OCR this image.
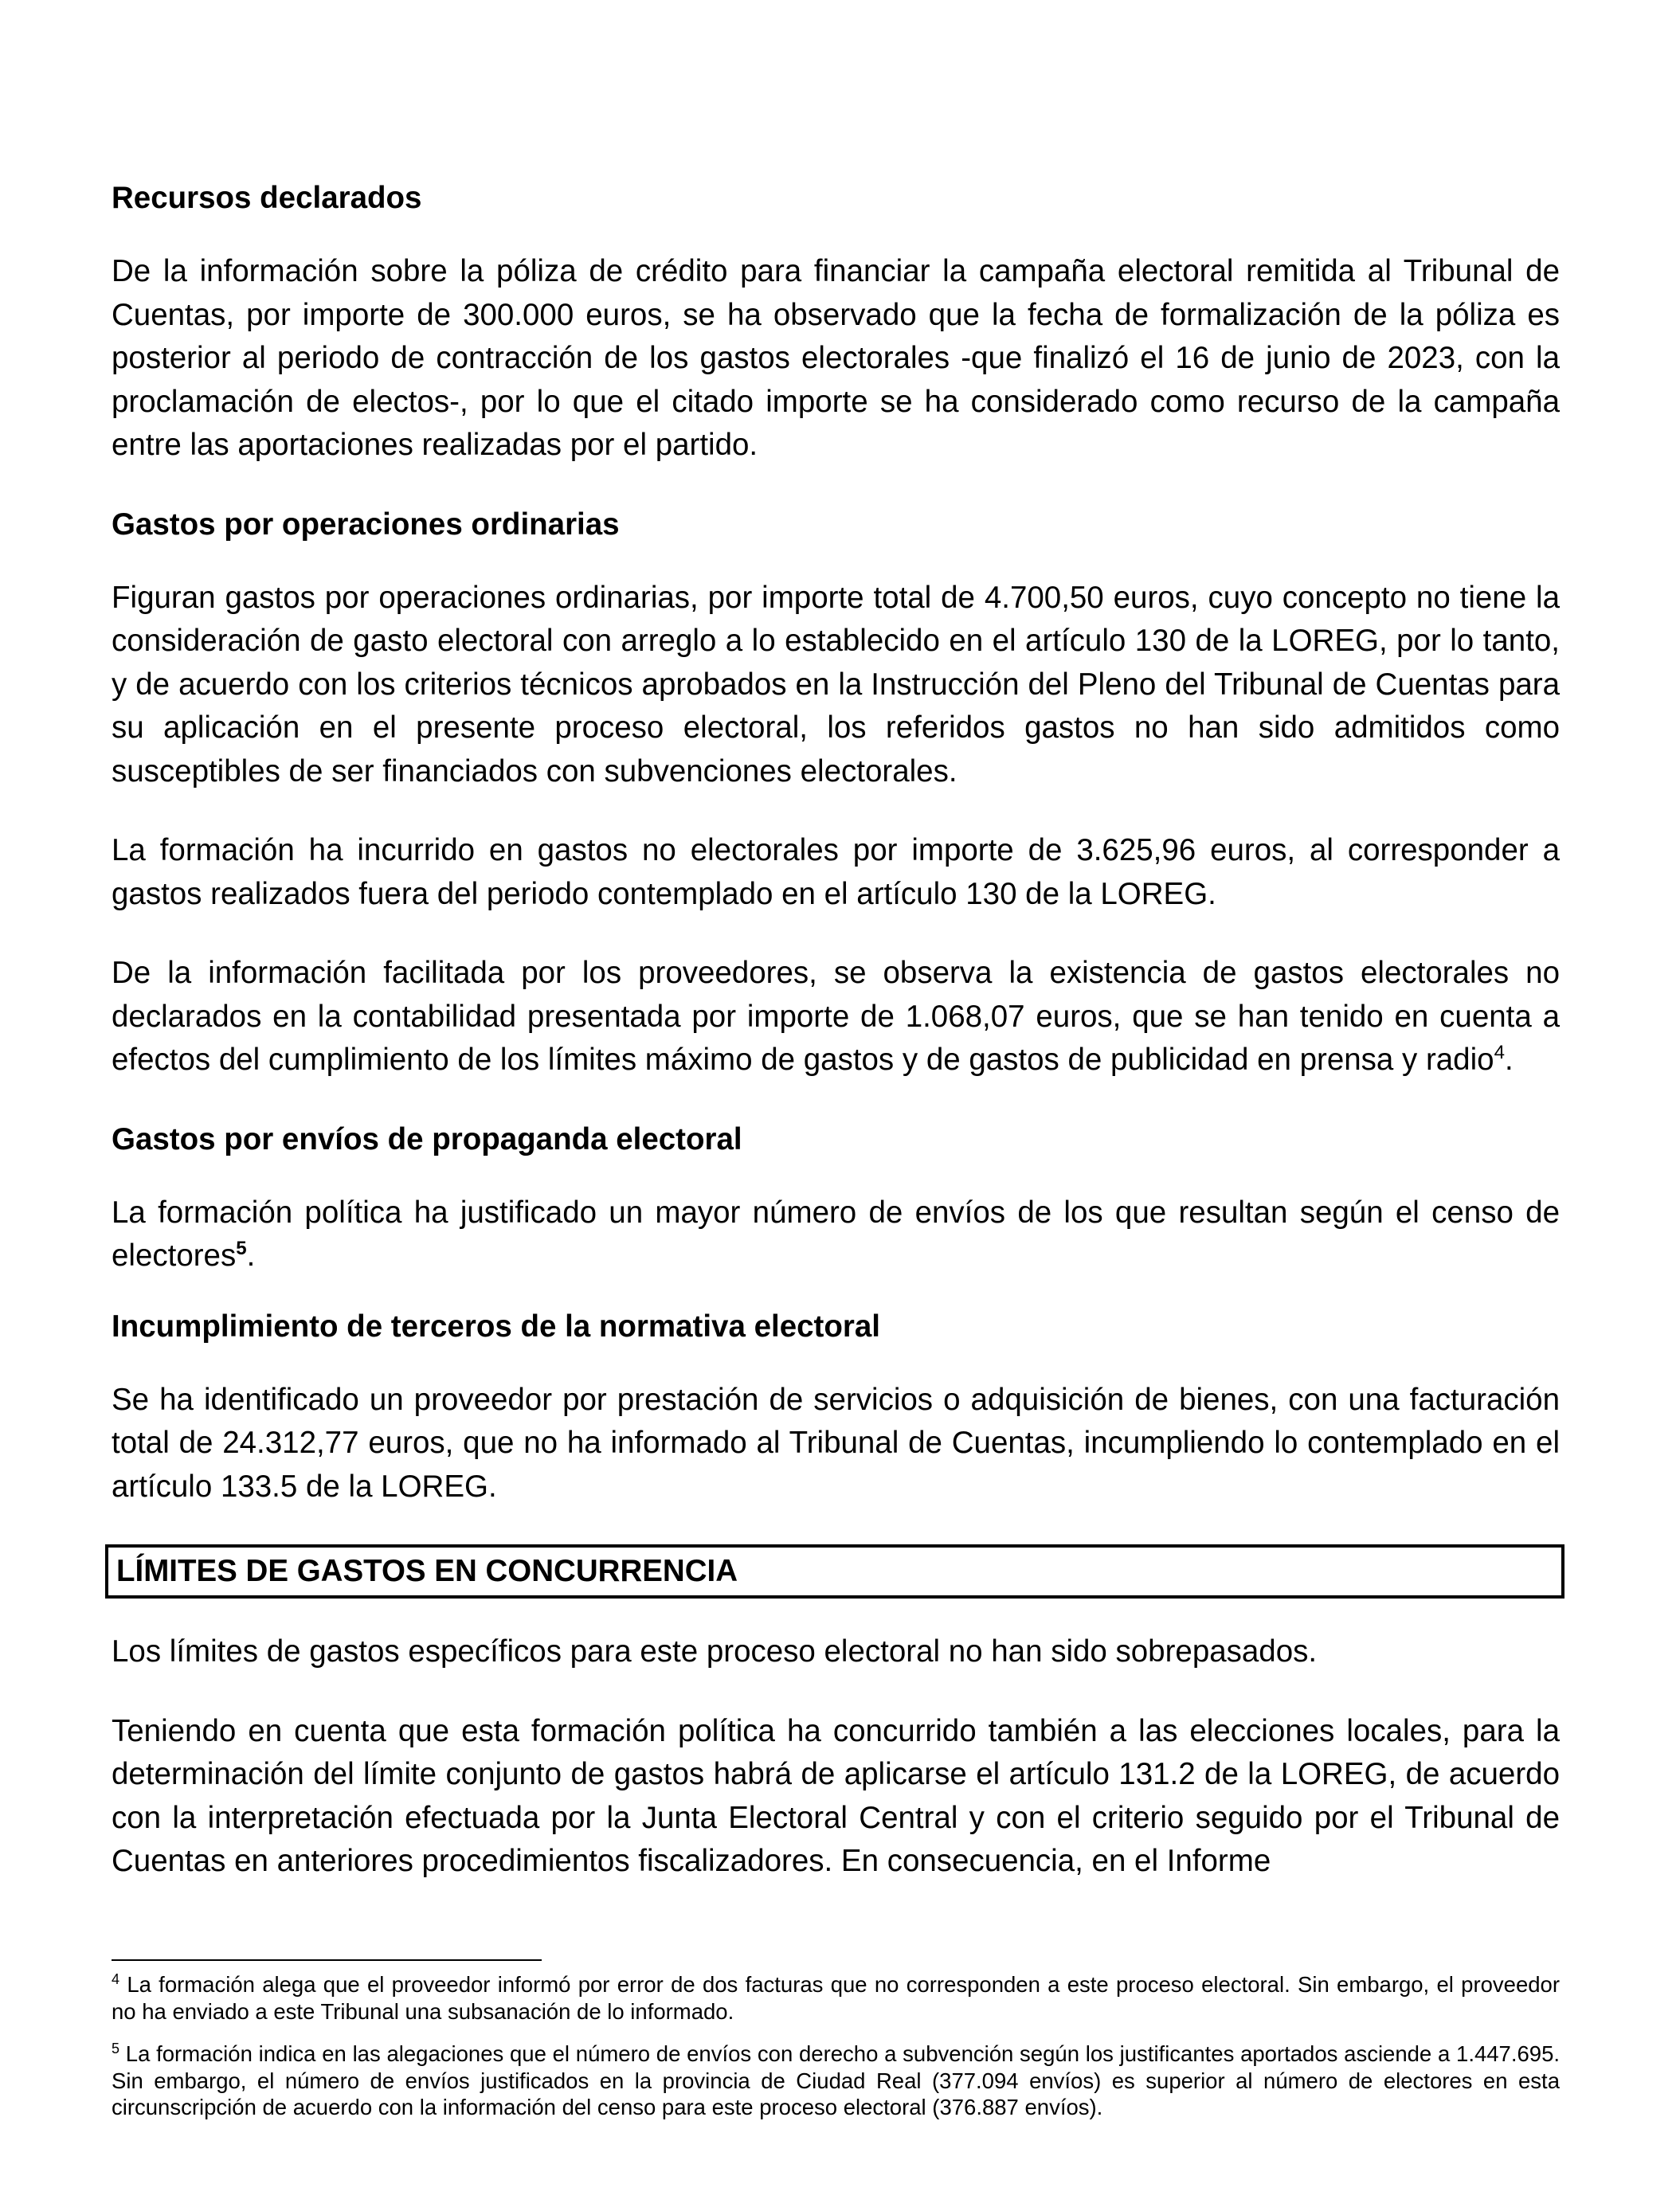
Recursos declarados

De la información sobre la póliza de crédito para financiar la campaña electoral remitida al Tribunal de Cuentas, por importe de 300.000 euros, se ha observado que la fecha de formalización de la póliza es posterior al periodo de contracción de los gastos electorales -que finalizó el 16 de junio de 2023, con la proclamación de electos-, por lo que el citado importe se ha considerado como recurso de la campaña entre las aportaciones realizadas por el partido.

Gastos por operaciones ordinarias

Figuran gastos por operaciones ordinarias, por importe total de 4.700,50 euros, cuyo concepto no tiene la consideración de gasto electoral con arreglo a lo establecido en el artículo 130 de la LOREG, por lo tanto, y de acuerdo con los criterios técnicos aprobados en la Instrucción del Pleno del Tribunal de Cuentas para su aplicación en el presente proceso electoral, los referidos gastos no han sido admitidos como susceptibles de ser financiados con subvenciones electorales.

La formación ha incurrido en gastos no electorales por importe de 3.625,96 euros, al corresponder a gastos realizados fuera del periodo contemplado en el artículo 130 de la LOREG.

De la información facilitada por los proveedores, se observa la existencia de gastos electorales no declarados en la contabilidad presentada por importe de 1.068,07 euros, que se han tenido en cuenta a efectos del cumplimiento de los límites máximo de gastos y de gastos de publicidad en prensa y radio$^4$.

Gastos por envíos de propaganda electoral

La formación política ha justificado un mayor número de envíos de los que resultan según el censo de electores$^5$.

Incumplimiento de terceros de la normativa electoral

Se ha identificado un proveedor por prestación de servicios o adquisición de bienes, con una facturación total de 24.312,77 euros, que no ha informado al Tribunal de Cuentas, incumpliendo lo contemplado en el artículo 133.5 de la LOREG.

LÍMITES DE GASTOS EN CONCURRENCIA

Los límites de gastos específicos para este proceso electoral no han sido sobrepasados.

Teniendo en cuenta que esta formación política ha concurrido también a las elecciones locales, para la determinación del límite conjunto de gastos habrá de aplicarse el artículo 131.2 de la LOREG, de acuerdo con la interpretación efectuada por la Junta Electoral Central y con el criterio seguido por el Tribunal de Cuentas en anteriores procedimientos fiscalizadores. En consecuencia, en el Informe

$^4$ La formación alega que el proveedor informó por error de dos facturas que no corresponden a este proceso electoral. Sin embargo, el proveedor no ha enviado a este Tribunal una subsanación de lo informado.

$^5$ La formación indica en las alegaciones que el número de envíos con derecho a subvención según los justificantes aportados asciende a 1.447.695. Sin embargo, el número de envíos justificados en la provincia de Ciudad Real (377.094 envíos) es superior al número de electores en esta circunscripción de acuerdo con la información del censo para este proceso electoral (376.887 envíos).
